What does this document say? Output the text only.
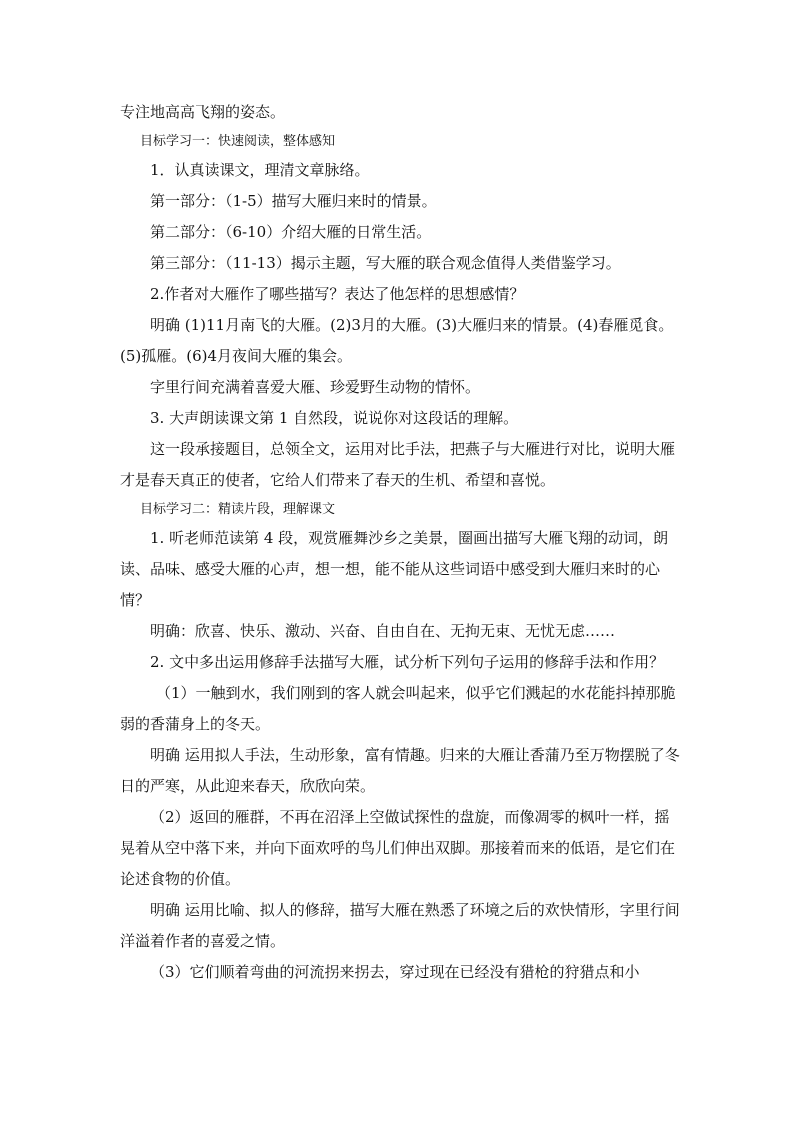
专注地高高飞翔的姿态。

目标学习一：快速阅读，整体感知

1．认真读课文，理清文章脉络。

第一部分：（1-5）描写大雁归来时的情景。

第二部分：（6-10）介绍大雁的日常生活。

第三部分：（11-13）揭示主题，写大雁的联合观念值得人类借鉴学习。

2.作者对大雁作了哪些描写？表达了他怎样的思想感情？

明确 (1)11月南飞的大雁。(2)3月的大雁。(3)大雁归来的情景。(4)春雁觅食。(5)孤雁。(6)4月夜间大雁的集会。

字里行间充满着喜爱大雁、珍爱野生动物的情怀。

3. 大声朗读课文第 1 自然段，说说你对这段话的理解。

这一段承接题目，总领全文，运用对比手法，把燕子与大雁进行对比，说明大雁才是春天真正的使者，它给人们带来了春天的生机、希望和喜悦。

目标学习二：精读片段，理解课文

1. 听老师范读第 4 段，观赏雁舞沙乡之美景，圈画出描写大雁飞翔的动词，朗读、品味、感受大雁的心声，想一想，能不能从这些词语中感受到大雁归来时的心情？

明确：欣喜、快乐、激动、兴奋、自由自在、无拘无束、无忧无虑……

2. 文中多出运用修辞手法描写大雁，试分析下列句子运用的修辞手法和作用？

（1）一触到水，我们刚到的客人就会叫起来，似乎它们溅起的水花能抖掉那脆弱的香蒲身上的冬天。

明确 运用拟人手法，生动形象，富有情趣。归来的大雁让香蒲乃至万物摆脱了冬日的严寒，从此迎来春天，欣欣向荣。

（2）返回的雁群，不再在沼泽上空做试探性的盘旋，而像凋零的枫叶一样，摇晃着从空中落下来，并向下面欢呼的鸟儿们伸出双脚。那接着而来的低语，是它们在论述食物的价值。

明确 运用比喻、拟人的修辞，描写大雁在熟悉了环境之后的欢快情形，字里行间洋溢着作者的喜爱之情。

（3）它们顺着弯曲的河流拐来拐去，穿过现在已经没有猎枪的狩猎点和小
